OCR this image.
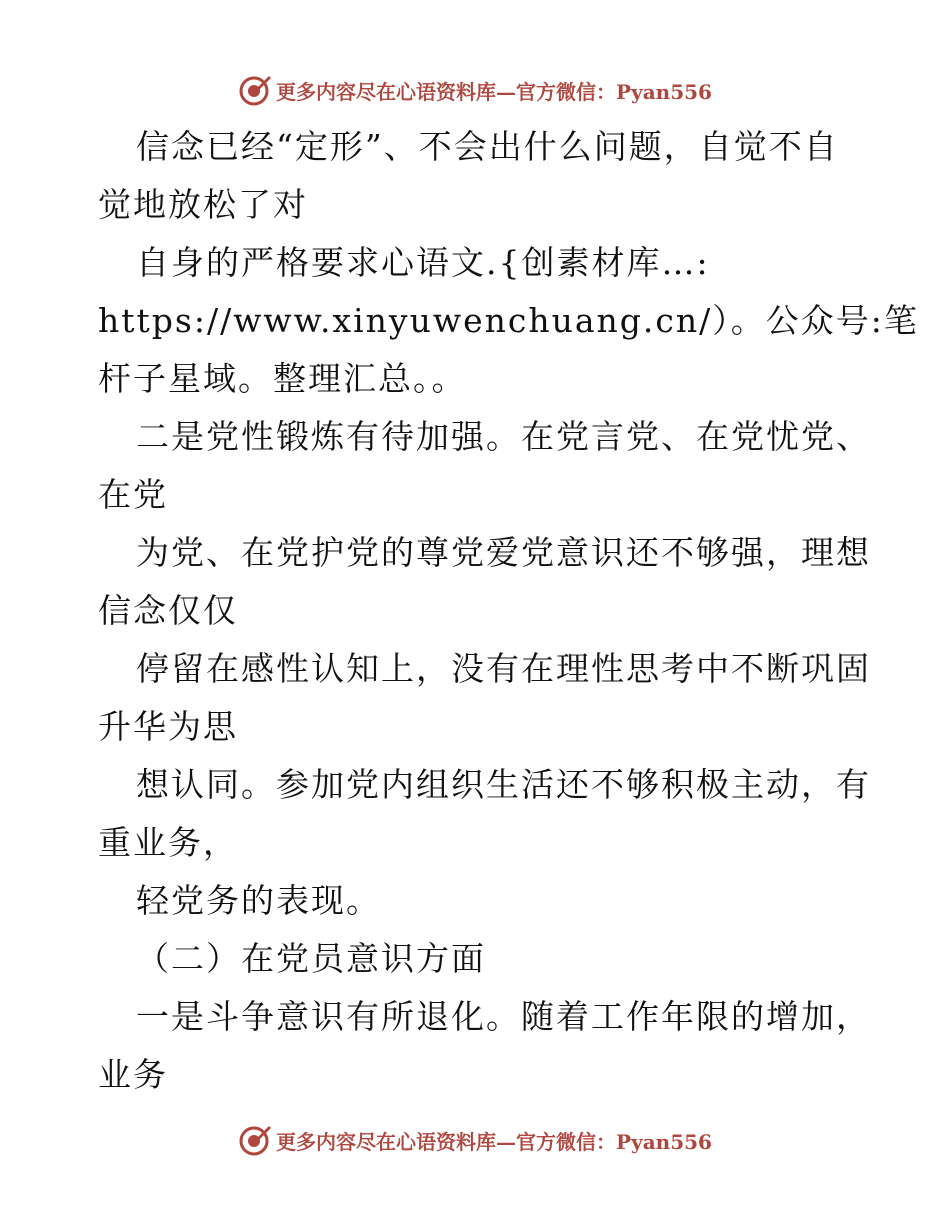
更多内容尽在心语资料库— 官方微信：Pyan556
信念已经“定形”、不会出什么问题，自觉不自
觉地放松了对
自身的严格要求心语文.{创素材库…:
https://www.xinyuwenchuang.cn/）。公众号:笔
杆子星域。整理汇总。。
二是党性锻炼有待加强。在党言党、在党忧党、
在党
为党、在党护党的尊党爱党意识还不够强，理想
信念仅仅
停留在感性认知上，没有在理性思考中不断巩固
升华为思
想认同。参加党内组织生活还不够积极主动，有
重业务，
轻党务的表现。
（二）在党员意识方面
一是斗争意识有所退化。随着工作年限的增加，
业务
更多内容尽在心语资料库— 官方微信：Pyan556
